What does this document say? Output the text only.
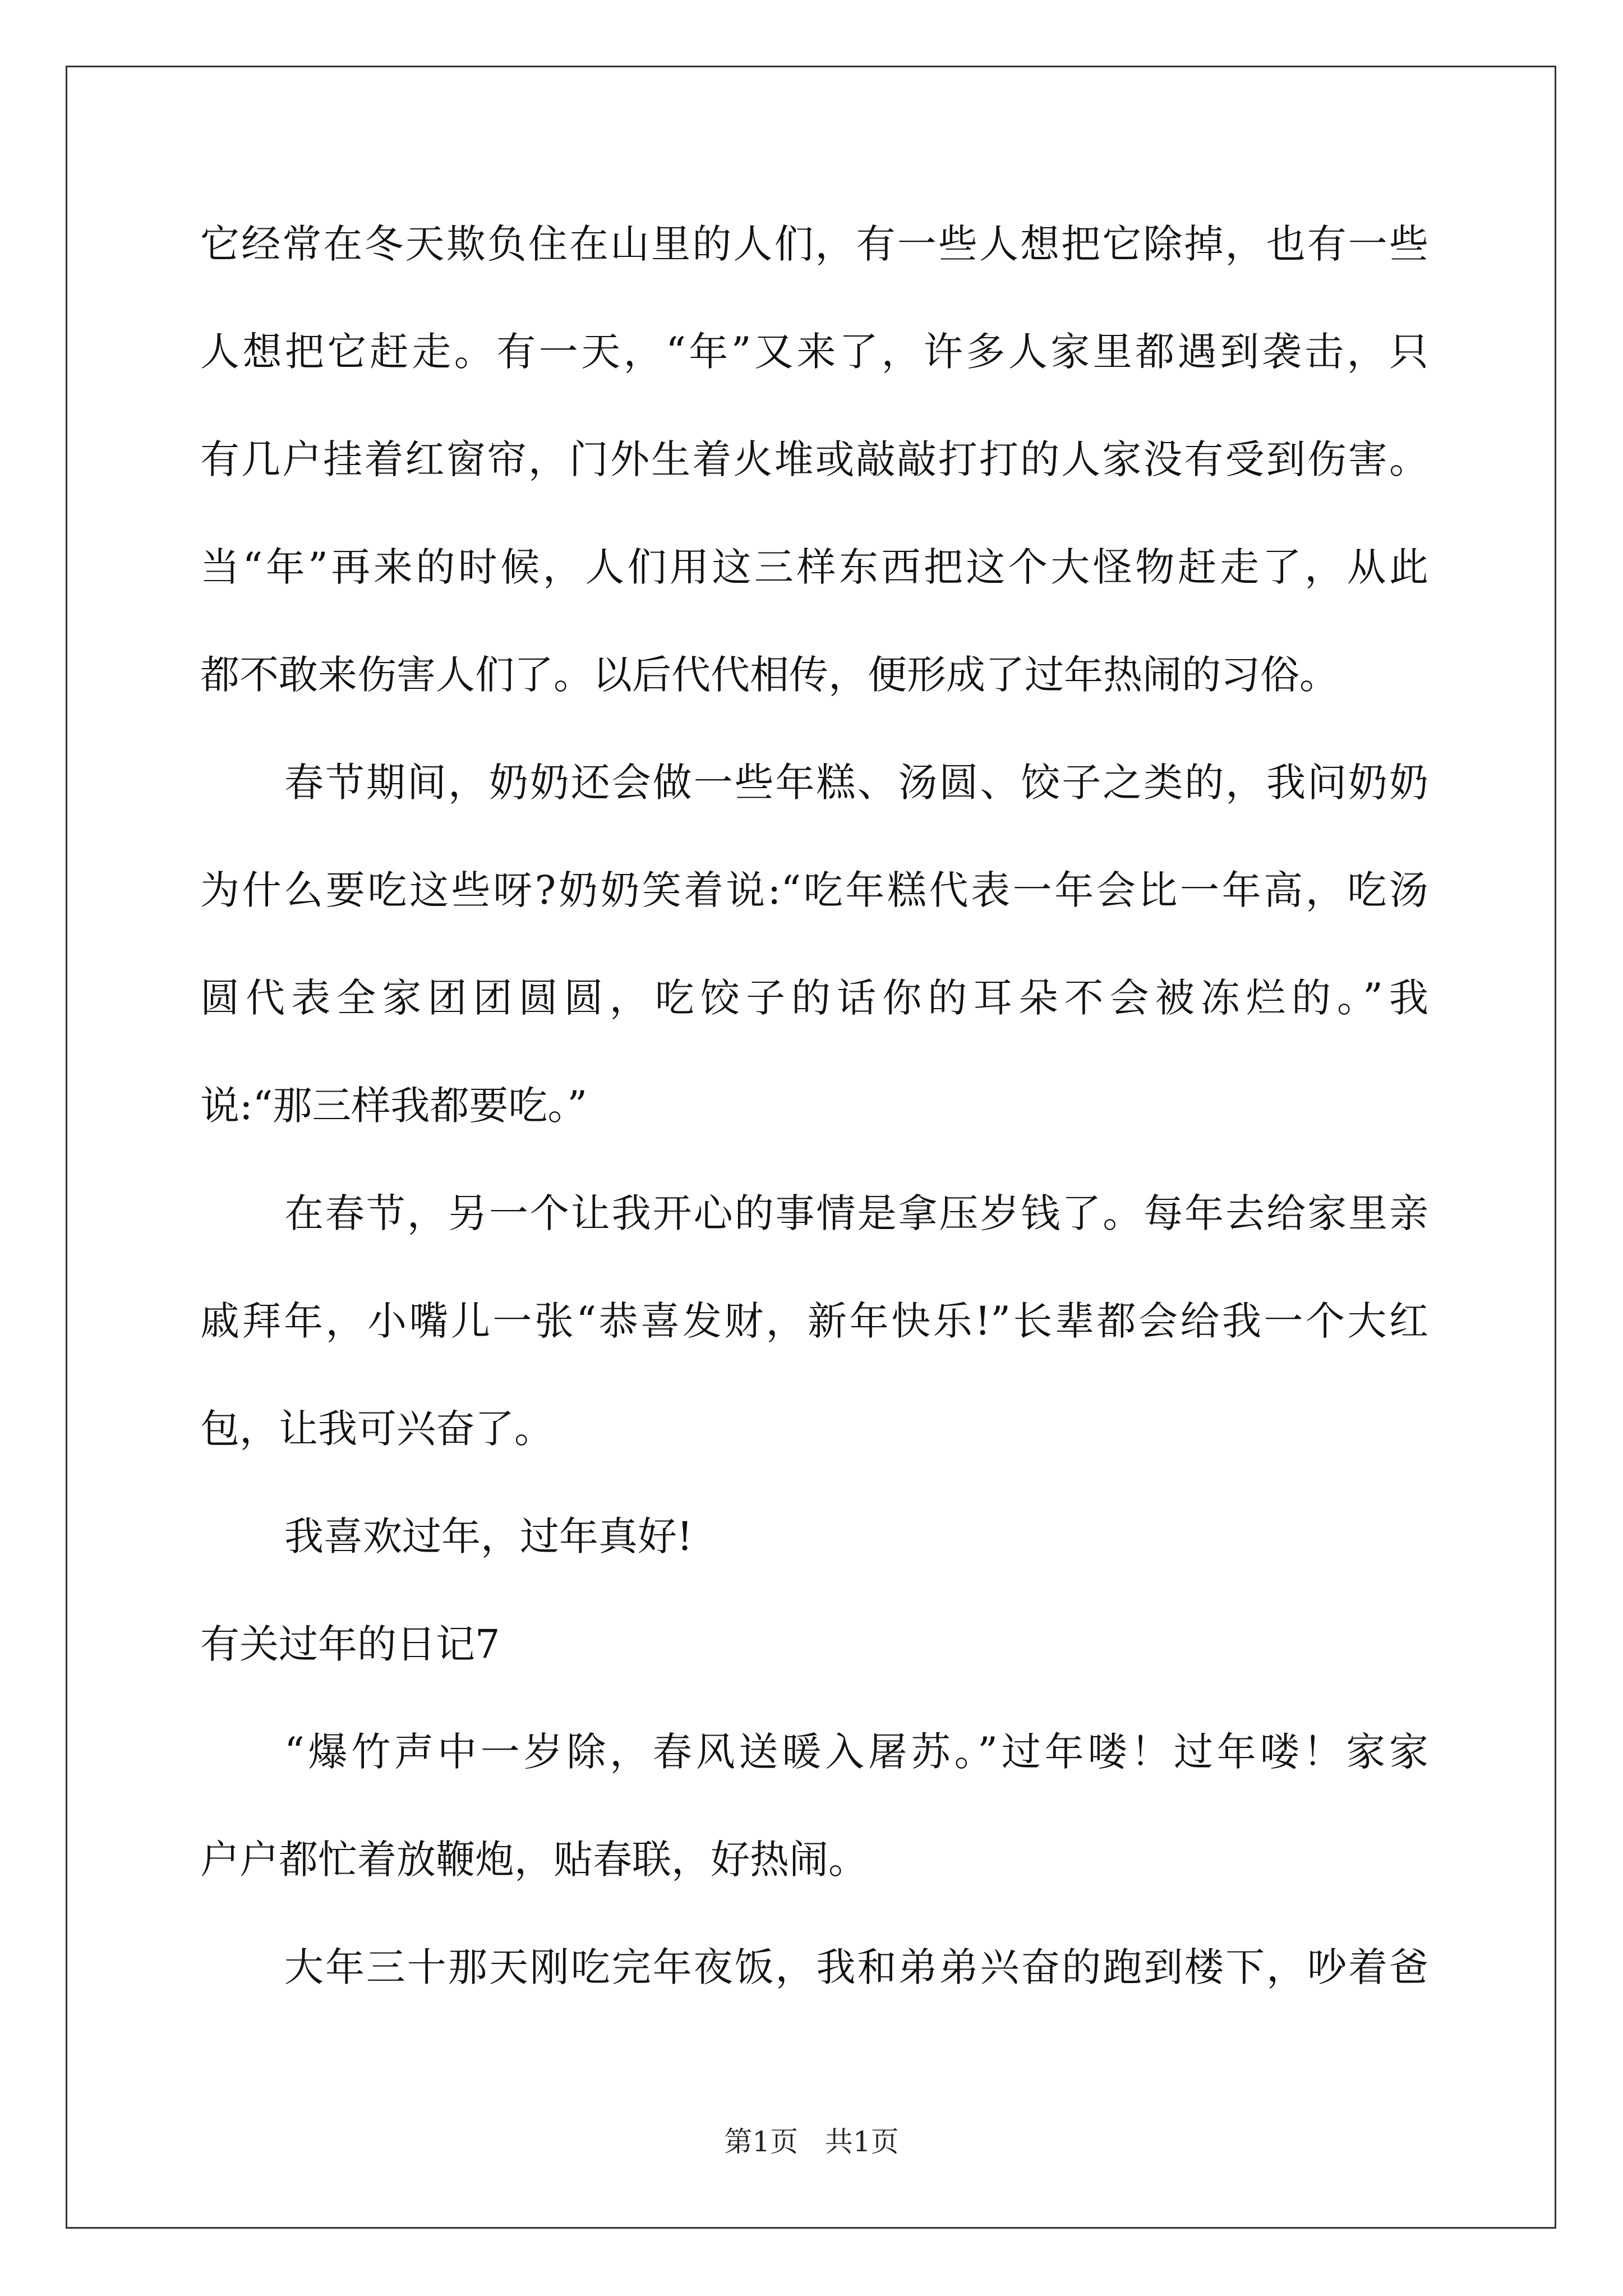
它经常在冬天欺负住在山里的人们，有一些人想把它除掉，也有一些
人想把它赶走。有一天，“年”又来了，许多人家里都遇到袭击，只
有几户挂着红窗帘，门外生着火堆或敲敲打打的人家没有受到伤害。
当“年”再来的时候，人们用这三样东西把这个大怪物赶走了，从此
都不敢来伤害人们了。以后代代相传，便形成了过年热闹的习俗。
春节期间，奶奶还会做一些年糕、汤圆、饺子之类的，我问奶奶
为什么要吃这些呀?奶奶笑着说:“吃年糕代表一年会比一年高，吃汤
圆代表全家团团圆圆，吃饺子的话你的耳朵不会被冻烂的。”我
说:“那三样我都要吃。”
在春节，另一个让我开心的事情是拿压岁钱了。每年去给家里亲
戚拜年，小嘴儿一张“恭喜发财，新年快乐!”长辈都会给我一个大红
包，让我可兴奋了。
我喜欢过年，过年真好!
有关过年的日记7
“爆竹声中一岁除，春风送暖入屠苏。”过年喽！过年喽！家家
户户都忙着放鞭炮，贴春联，好热闹。
大年三十那天刚吃完年夜饭，我和弟弟兴奋的跑到楼下，吵着爸
第1页 共1页
